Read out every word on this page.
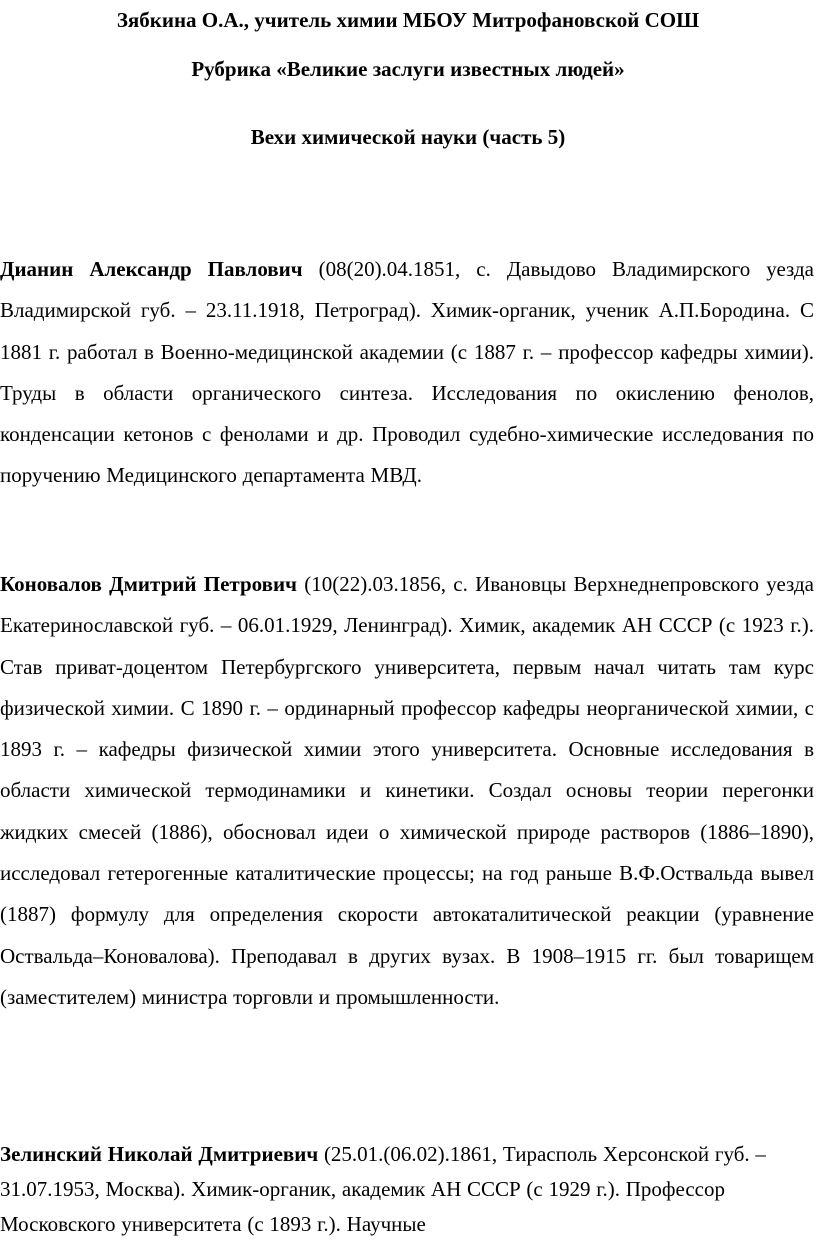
Зябкина О.А., учитель химии МБОУ Митрофановской СОШ

Рубрика «Великие заслуги известных людей»

Вехи химической науки (часть 5)

Дианин Александр Павлович (08(20).04.1851, с. Давыдово Владимирского уезда Владимирской губ. – 23.11.1918, Петроград). Химик-органик, ученик А.П.Бородина. С 1881 г. работал в Военно-медицинской академии (с 1887 г. – профессор кафедры химии). Труды в области органического синтеза. Исследования по окислению фенолов, конденсации кетонов с фенолами и др. Проводил судебно-химические исследования по поручению Медицинского департамента МВД.

Коновалов Дмитрий Петрович (10(22).03.1856, с. Ивановцы Верхнеднепровского уезда Екатеринославской губ. – 06.01.1929, Ленинград). Химик, академик АН СССР (с 1923 г.). Став приват-доцентом Петербургского университета, первым начал читать там курс физической химии. С 1890 г. – ординарный профессор кафедры неорганической химии, с 1893 г. – кафедры физической химии этого университета. Основные исследования в области химической термодинамики и кинетики. Создал основы теории перегонки жидких смесей (1886), обосновал идеи о химической природе растворов (1886–1890), исследовал гетерогенные каталитические процессы; на год раньше В.Ф.Оствальда вывел (1887) формулу для определения скорости автокаталитической реакции (уравнение Оствальда–Коновалова). Преподавал в других вузах. В 1908–1915 гг. был товарищем (заместителем) министра торговли и промышленности.

Зелинский Николай Дмитриевич (25.01.(06.02).1861, Тирасполь Херсонской губ. – 31.07.1953, Москва). Химик-органик, академик АН СССР (с 1929 г.). Профессор Московского университета (с 1893 г.). Научные
